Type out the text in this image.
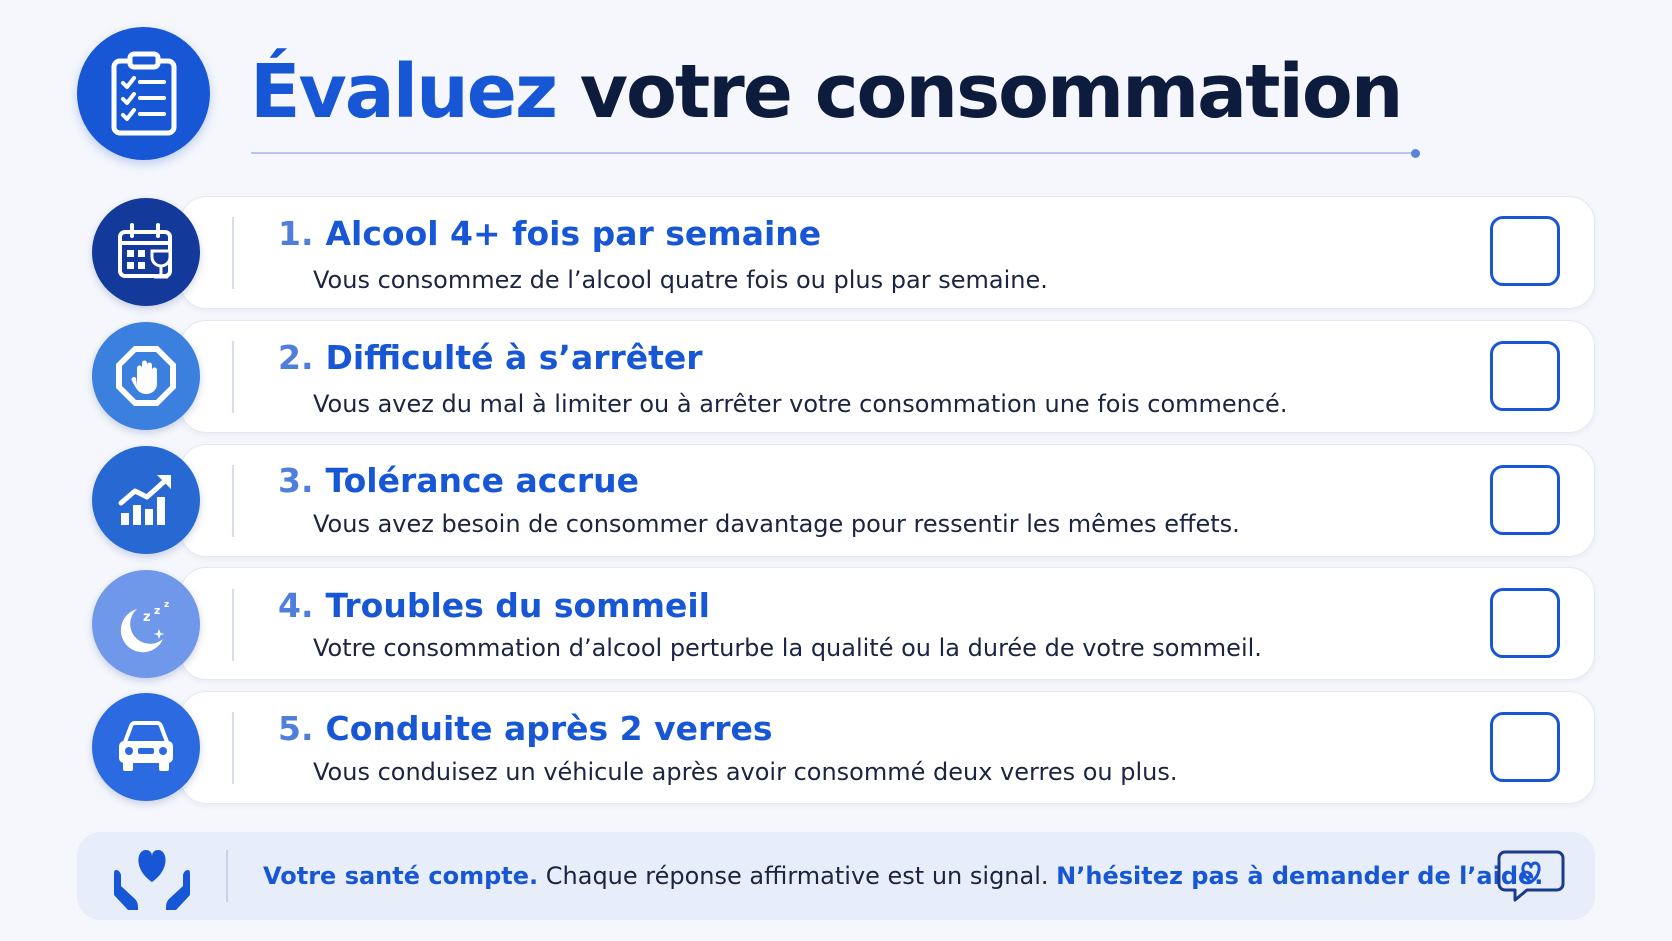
Évaluez votre consommation
1. Alcool 4+ fois par semaine
Vous consommez de l’alcool quatre fois ou plus par semaine.
2. Difficulté à s’arrêter
Vous avez du mal à limiter ou à arrêter votre consommation une fois commencé.
3. Tolérance accrue
Vous avez besoin de consommer davantage pour ressentir les mêmes effets.
z z z	4. Troubles du sommeil
Votre consommation d’alcool perturbe la qualité ou la durée de votre sommeil.
5. Conduite après 2 verres
Vous conduisez un véhicule après avoir consommé deux verres ou plus.
Votre santé compte. Chaque réponse affirmative est un signal. N’hésitez pas à demander de l’aide.
